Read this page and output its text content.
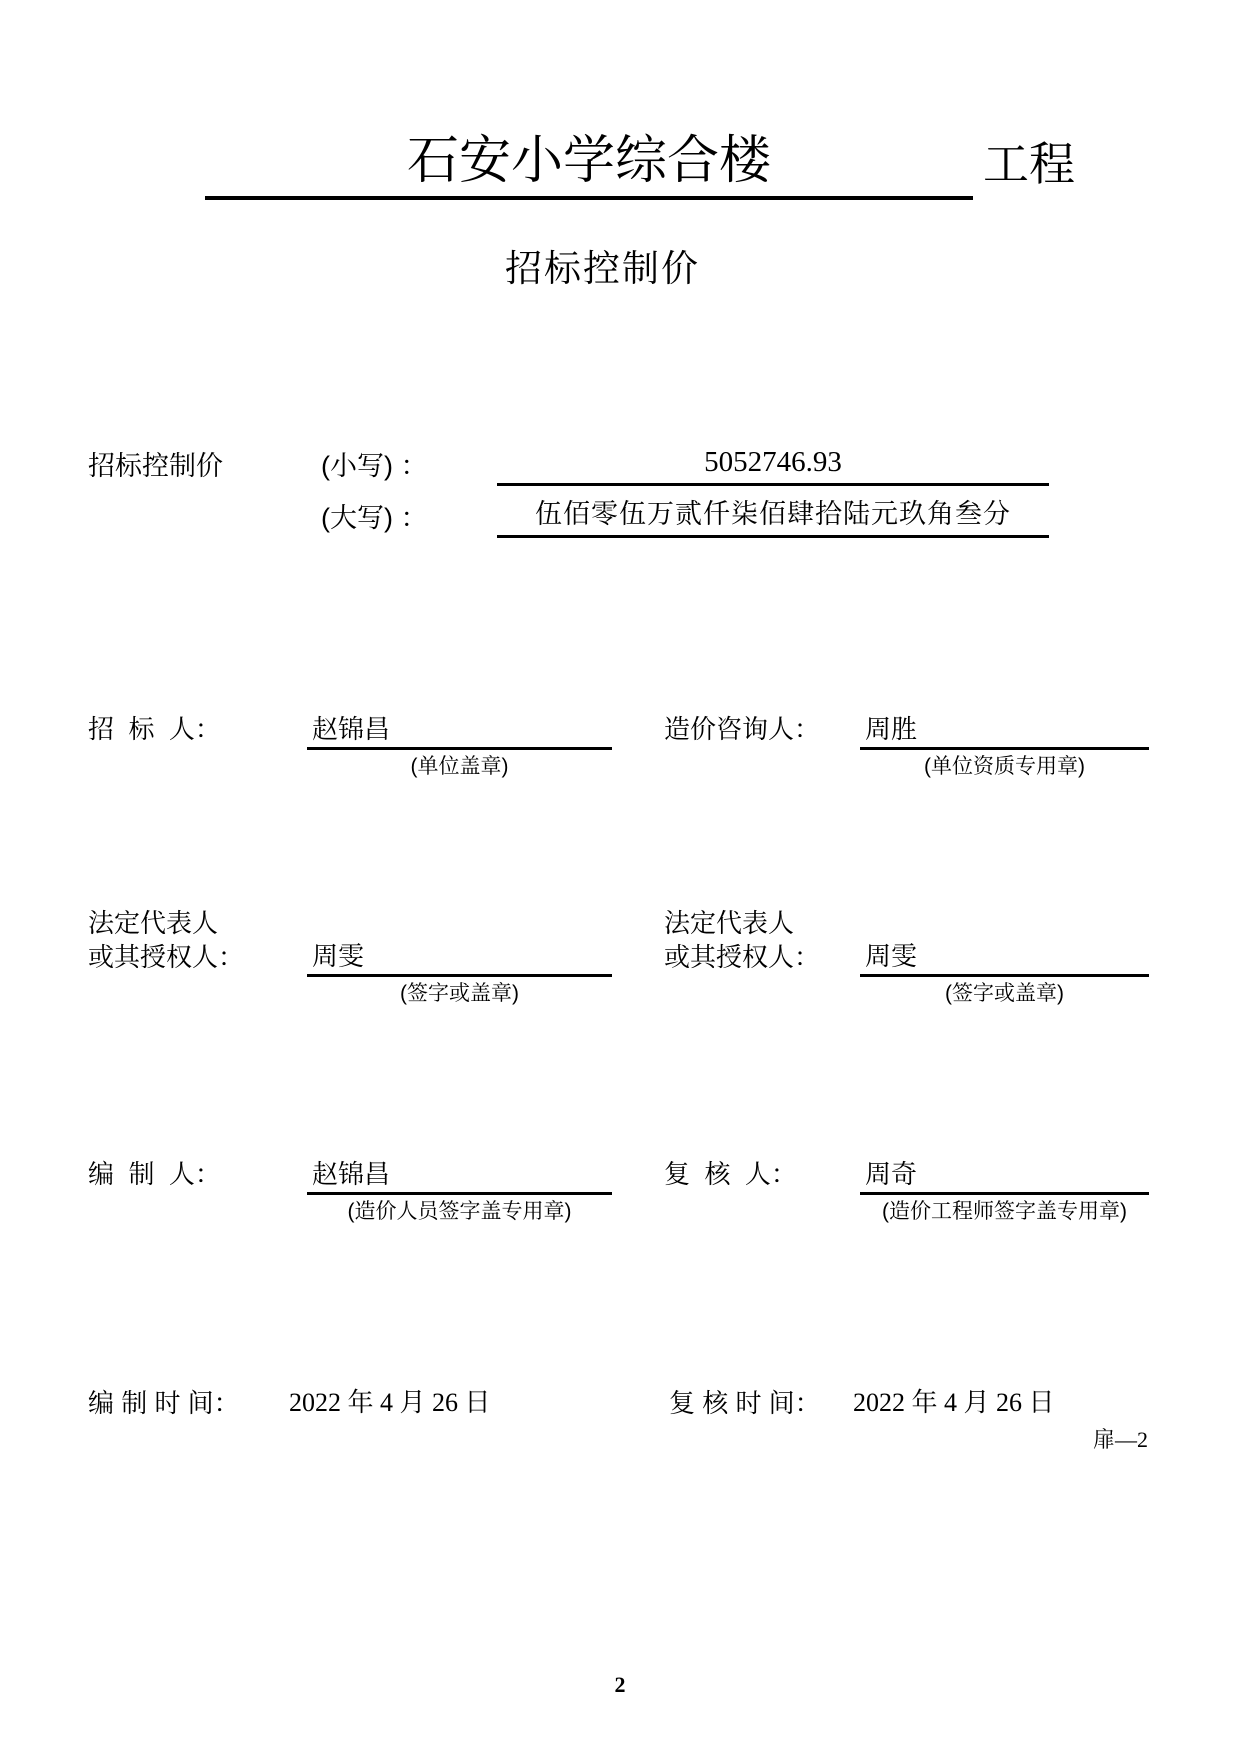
石安小学综合楼	工程
招标控制价
招标控制价	(小写) ：	5052746.93
(大写) ：	伍佰零伍万贰仟柒佰肆拾陆元玖角叁分
招  标  人：	赵锦昌
(单位盖章)
造价咨询人：	周胜
(单位资质专用章)
法定代表人
或其授权人：	周雯
(签字或盖章)
法定代表人
或其授权人：	周雯
(签字或盖章)
编  制  人：	赵锦昌
(造价人员签字盖专用章)
复  核  人：	周奇
(造价工程师签字盖专用章)
编 制 时 间：	2022 年 4 月 26 日	复 核 时 间：	2022 年 4 月 26 日
扉—2
2
